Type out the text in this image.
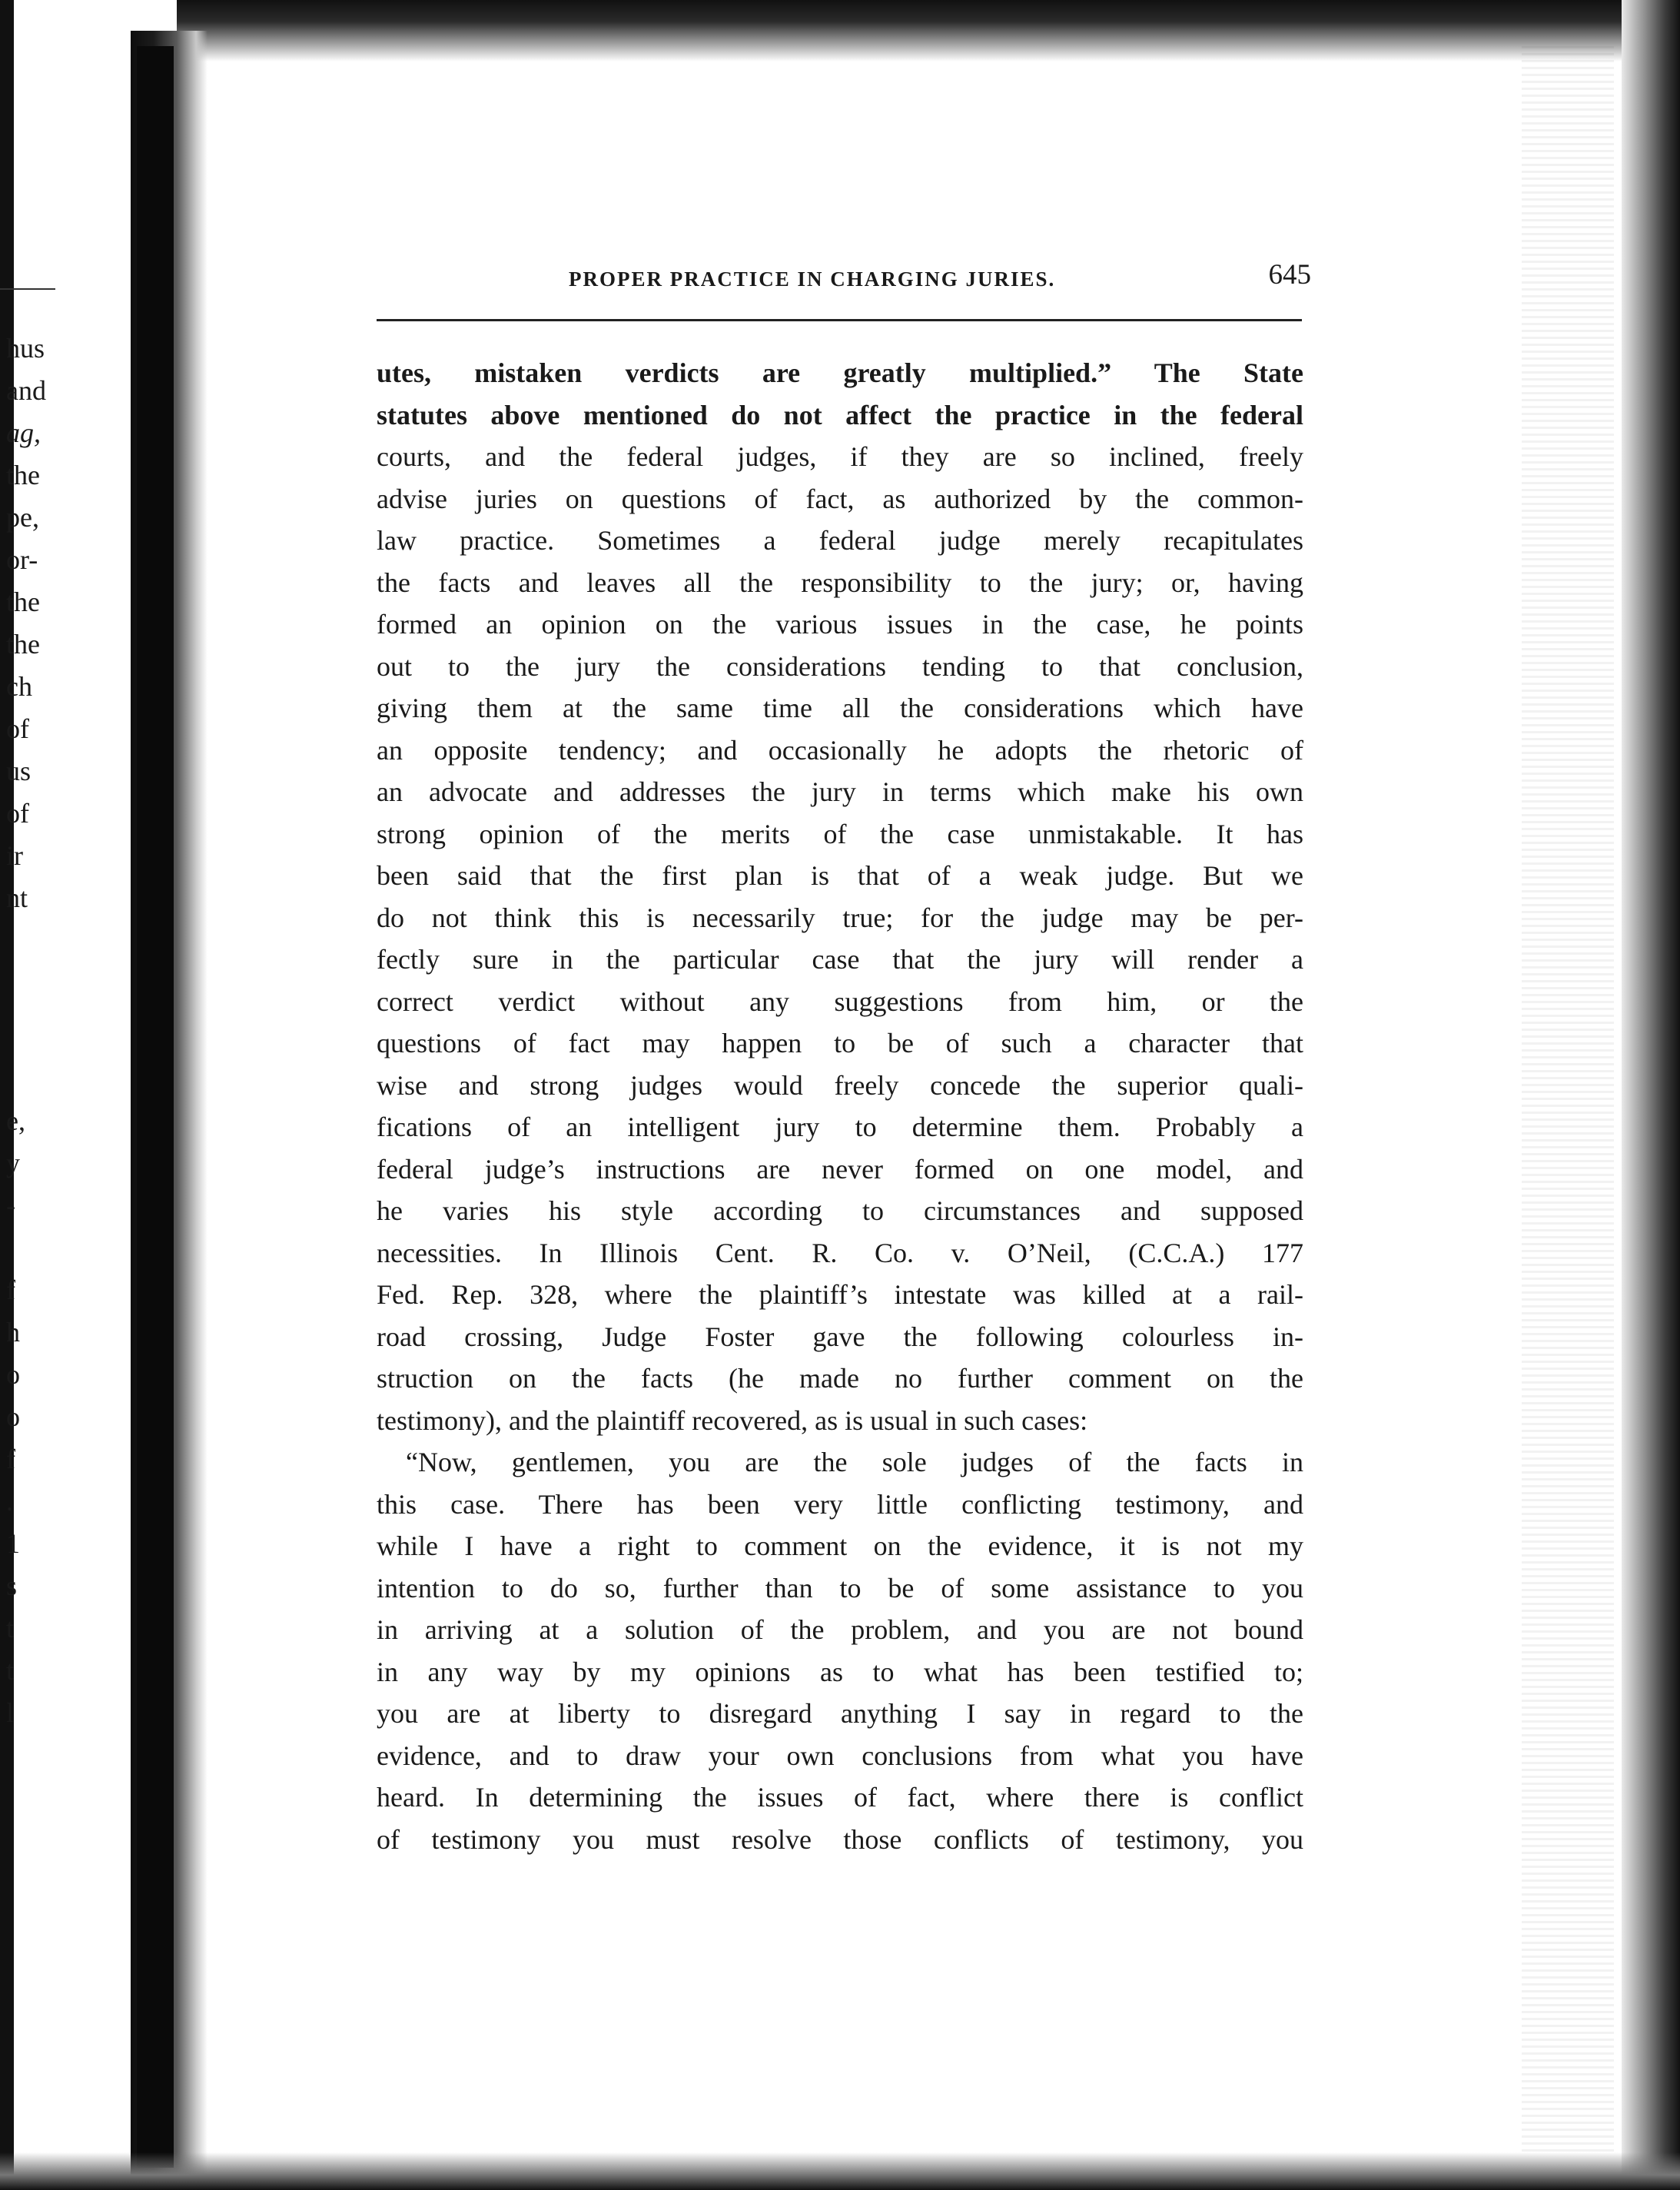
hus
and
ag,
the
pe,
or-
the
the
ch
of
us
of
ir
nt
e,
y
-
f
h
o
o
f
.
1
s
t
t
l
PROPER PRACTICE IN CHARGING JURIES.	645
utes, mistaken verdicts are greatly multiplied.” The State
statutes above mentioned do not affect the practice in the federal
courts, and the federal judges, if they are so inclined, freely
advise juries on questions of fact, as authorized by the common-
law practice. Sometimes a federal judge merely recapitulates
the facts and leaves all the responsibility to the jury; or, having
formed an opinion on the various issues in the case, he points
out to the jury the considerations tending to that conclusion,
giving them at the same time all the considerations which have
an opposite tendency; and occasionally he adopts the rhetoric of
an advocate and addresses the jury in terms which make his own
strong opinion of the merits of the case unmistakable. It has
been said that the first plan is that of a weak judge. But we
do not think this is necessarily true; for the judge may be per-
fectly sure in the particular case that the jury will render a
correct verdict without any suggestions from him, or the
questions of fact may happen to be of such a character that
wise and strong judges would freely concede the superior quali-
fications of an intelligent jury to determine them. Probably a
federal judge’s instructions are never formed on one model, and
he varies his style according to circumstances and supposed
necessities. In Illinois Cent. R. Co. v. O’Neil, (C.C.A.) 177
Fed. Rep. 328, where the plaintiff’s intestate was killed at a rail-
road crossing, Judge Foster gave the following colourless in-
struction on the facts (he made no further comment on the
testimony), and the plaintiff recovered, as is usual in such cases:
“Now, gentlemen, you are the sole judges of the facts in
this case. There has been very little conflicting testimony, and
while I have a right to comment on the evidence, it is not my
intention to do so, further than to be of some assistance to you
in arriving at a solution of the problem, and you are not bound
in any way by my opinions as to what has been testified to;
you are at liberty to disregard anything I say in regard to the
evidence, and to draw your own conclusions from what you have
heard. In determining the issues of fact, where there is conflict
of testimony you must resolve those conflicts of testimony, you
